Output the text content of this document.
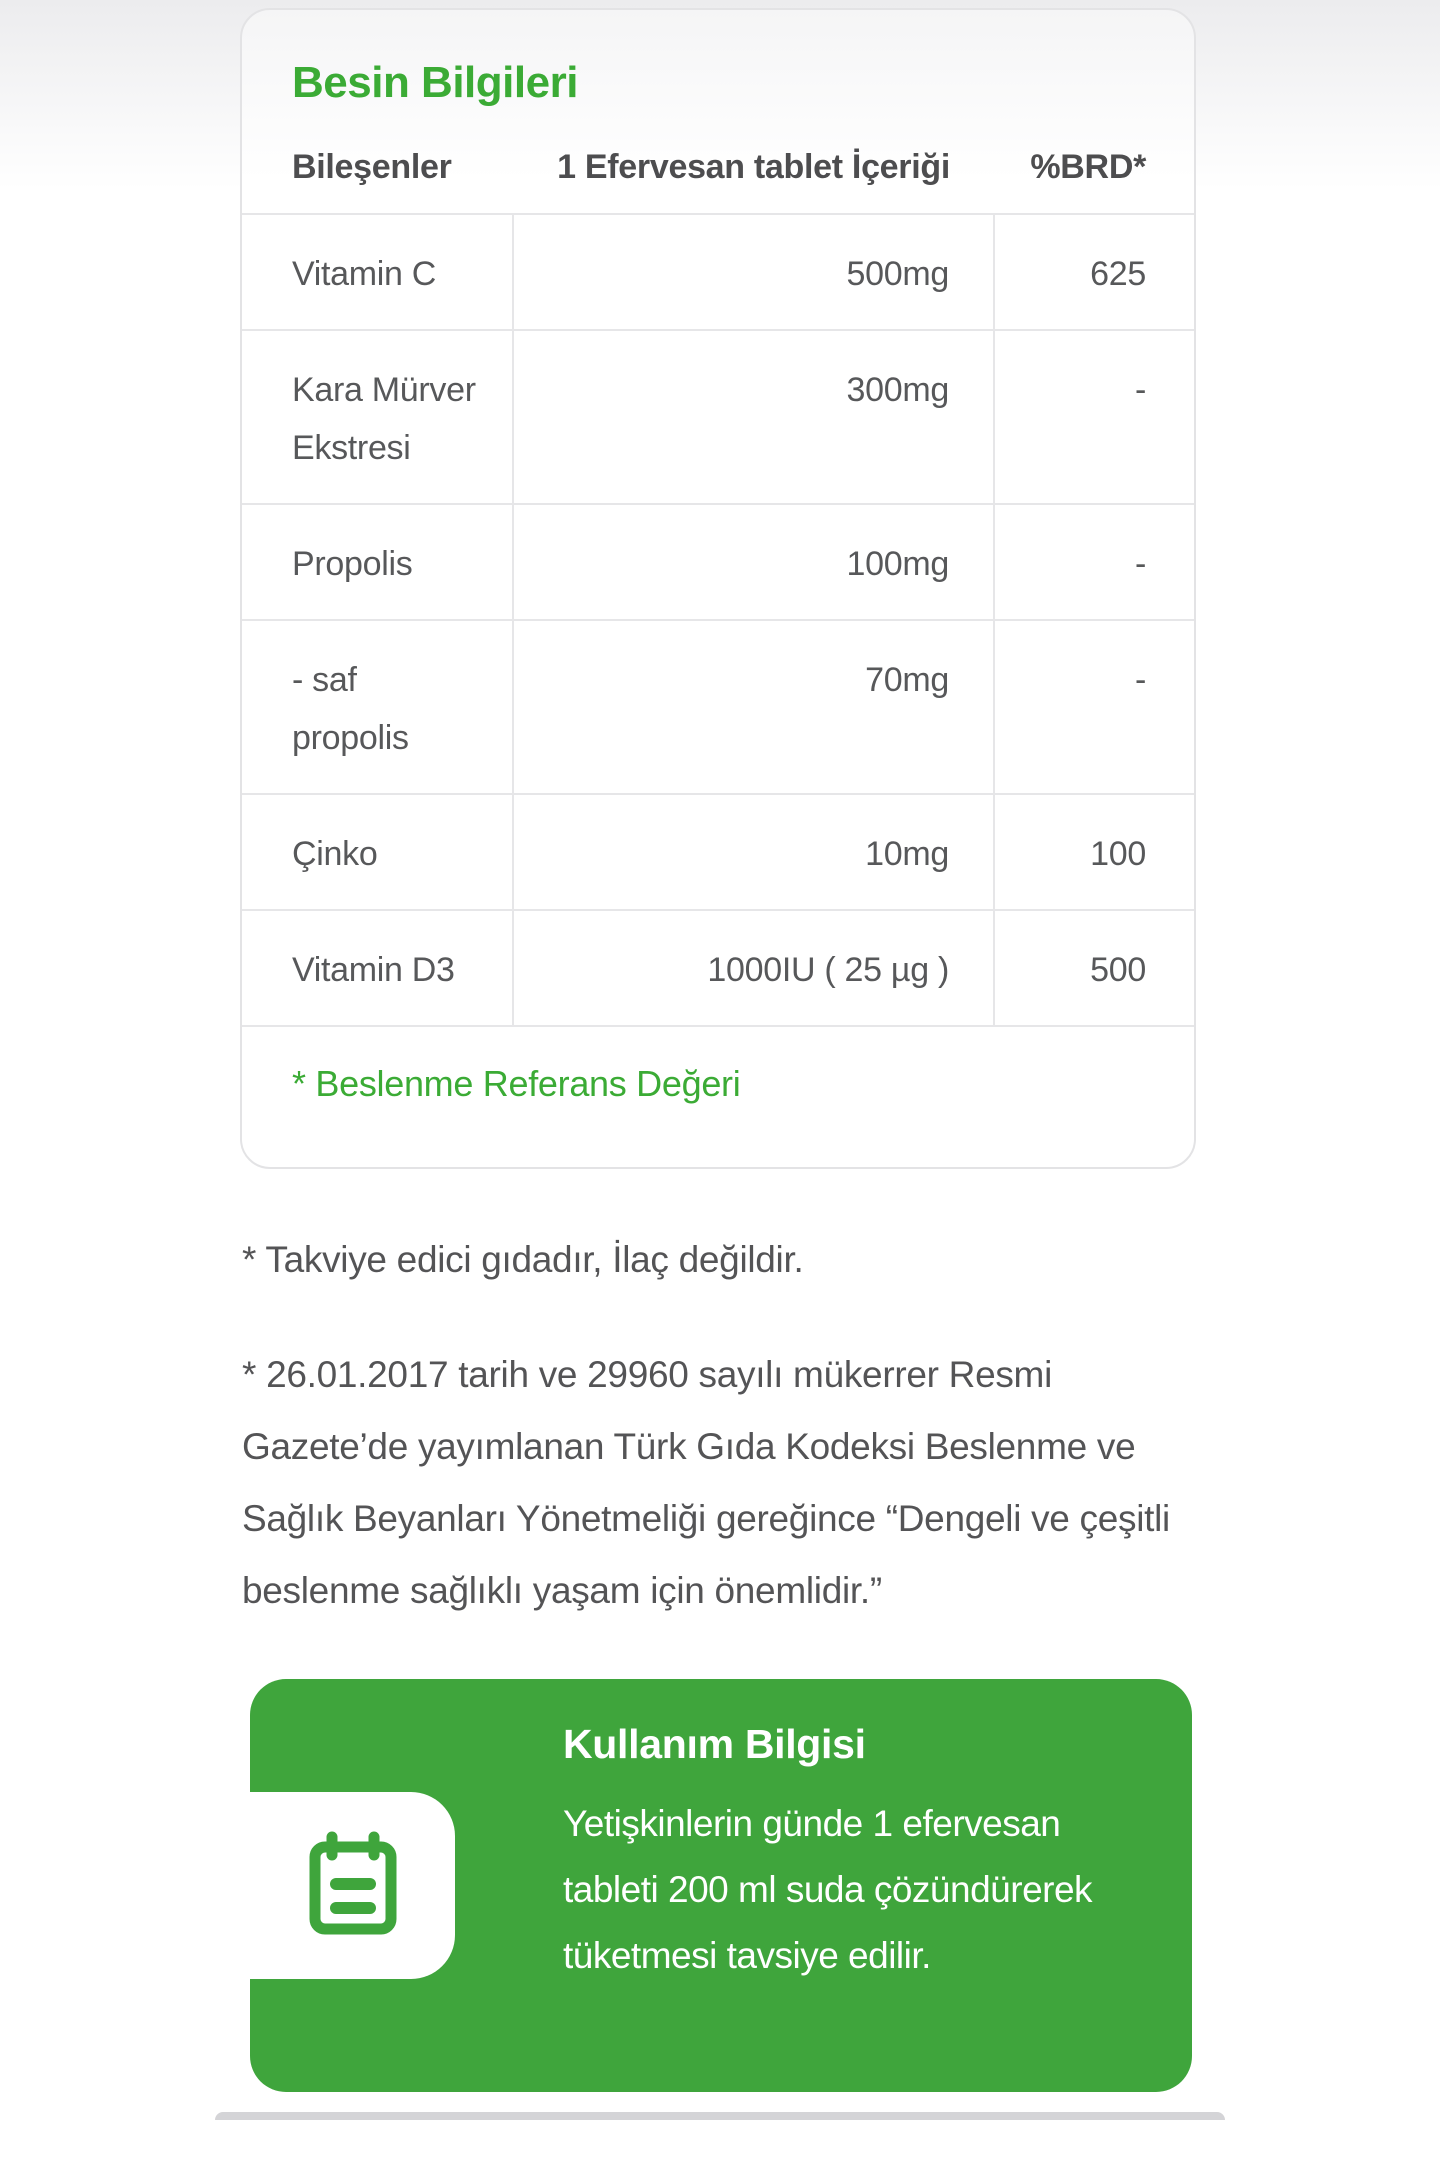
Besin Bilgileri
Bileşenler	1 Efervesan tablet İçeriği	%BRD*
Vitamin C	500mg	625
Kara Mürver Ekstresi	300mg	-
Propolis	100mg	-
- saf propolis	70mg	-
Çinko	10mg	100
Vitamin D3	1000IU ( 25 µg )	500
* Beslenme Referans Değeri

* Takviye edici gıdadır, İlaç değildir.

* 26.01.2017 tarih ve 29960 sayılı mükerrer Resmi Gazete’de yayımlanan Türk Gıda Kodeksi Beslenme ve Sağlık Beyanları Yönetmeliği gereğince “Dengeli ve çeşitli beslenme sağlıklı yaşam için önemlidir.”

Kullanım Bilgisi

Yetişkinlerin günde 1 efervesan tableti 200 ml suda çözündürerek tüketmesi tavsiye edilir.
